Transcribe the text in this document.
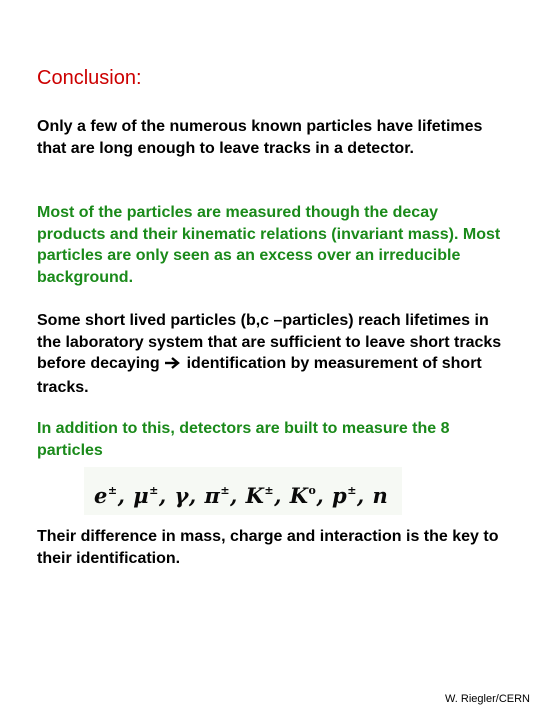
Conclusion:

Only a few of the numerous known particles have lifetimes that are long enough to leave tracks in a detector.

Most of the particles are measured though the decay products and their kinematic relations (invariant mass). Most particles are only seen as an excess over an irreducible background.

Some short lived particles (b,c –particles) reach lifetimes in the laboratory system that are sufficient to leave short tracks before decaying  identification by measurement of short tracks.

In addition to this, detectors are built to measure the 8 particles

e±, μ±, γ, π±, K±, $K^o$, p±, n

Their difference in mass, charge and interaction is the key to their identification.

W. Riegler/CERN
